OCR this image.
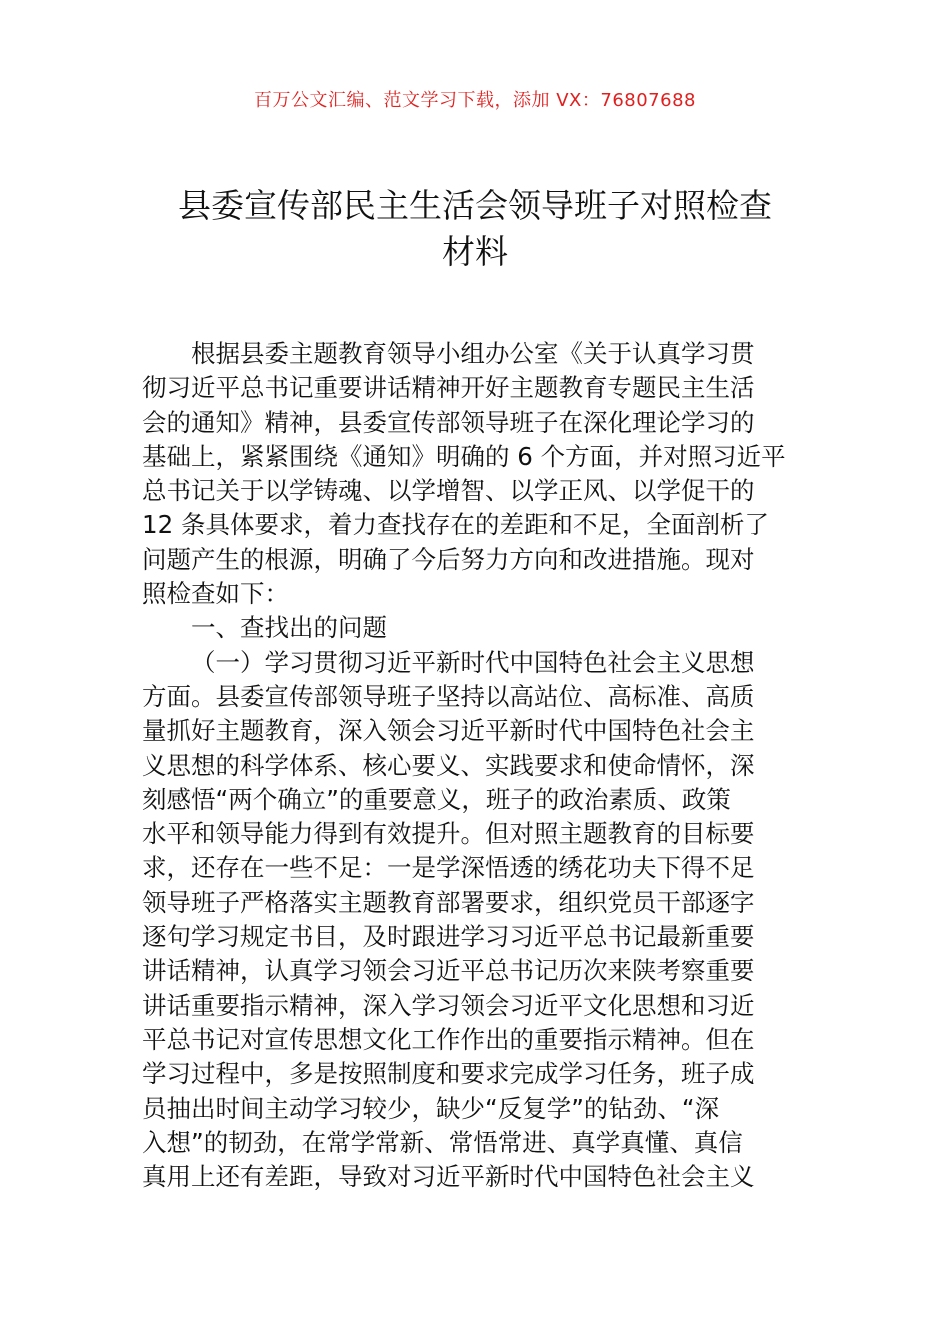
百万公文汇编、范文学习下载，添加 VX：76807688
县委宣传部民主生活会领导班子对照检查
材料
根据县委主题教育领导小组办公室《关于认真学习贯
彻习近平总书记重要讲话精神开好主题教育专题民主生活
会的通知》精神，县委宣传部领导班子在深化理论学习的
基础上，紧紧围绕《通知》明确的 6 个方面，并对照习近平
总书记关于以学铸魂、以学增智、以学正风、以学促干的
12 条具体要求，着力查找存在的差距和不足，全面剖析了
问题产生的根源，明确了今后努力方向和改进措施。现对
照检查如下：
一、查找出的问题
（一）学习贯彻习近平新时代中国特色社会主义思想
方面。县委宣传部领导班子坚持以高站位、高标准、高质
量抓好主题教育，深入领会习近平新时代中国特色社会主
义思想的科学体系、核心要义、实践要求和使命情怀，深
刻感悟“两个确立”的重要意义，班子的政治素质、政策
水平和领导能力得到有效提升。但对照主题教育的目标要
求，还存在一些不足：一是学深悟透的绣花功夫下得不足
领导班子严格落实主题教育部署要求，组织党员干部逐字
逐句学习规定书目，及时跟进学习习近平总书记最新重要
讲话精神，认真学习领会习近平总书记历次来陕考察重要
讲话重要指示精神，深入学习领会习近平文化思想和习近
平总书记对宣传思想文化工作作出的重要指示精神。但在
学习过程中，多是按照制度和要求完成学习任务，班子成
员抽出时间主动学习较少，缺少“反复学”的钻劲、“深
入想”的韧劲，在常学常新、常悟常进、真学真懂、真信
真用上还有差距，导致对习近平新时代中国特色社会主义
